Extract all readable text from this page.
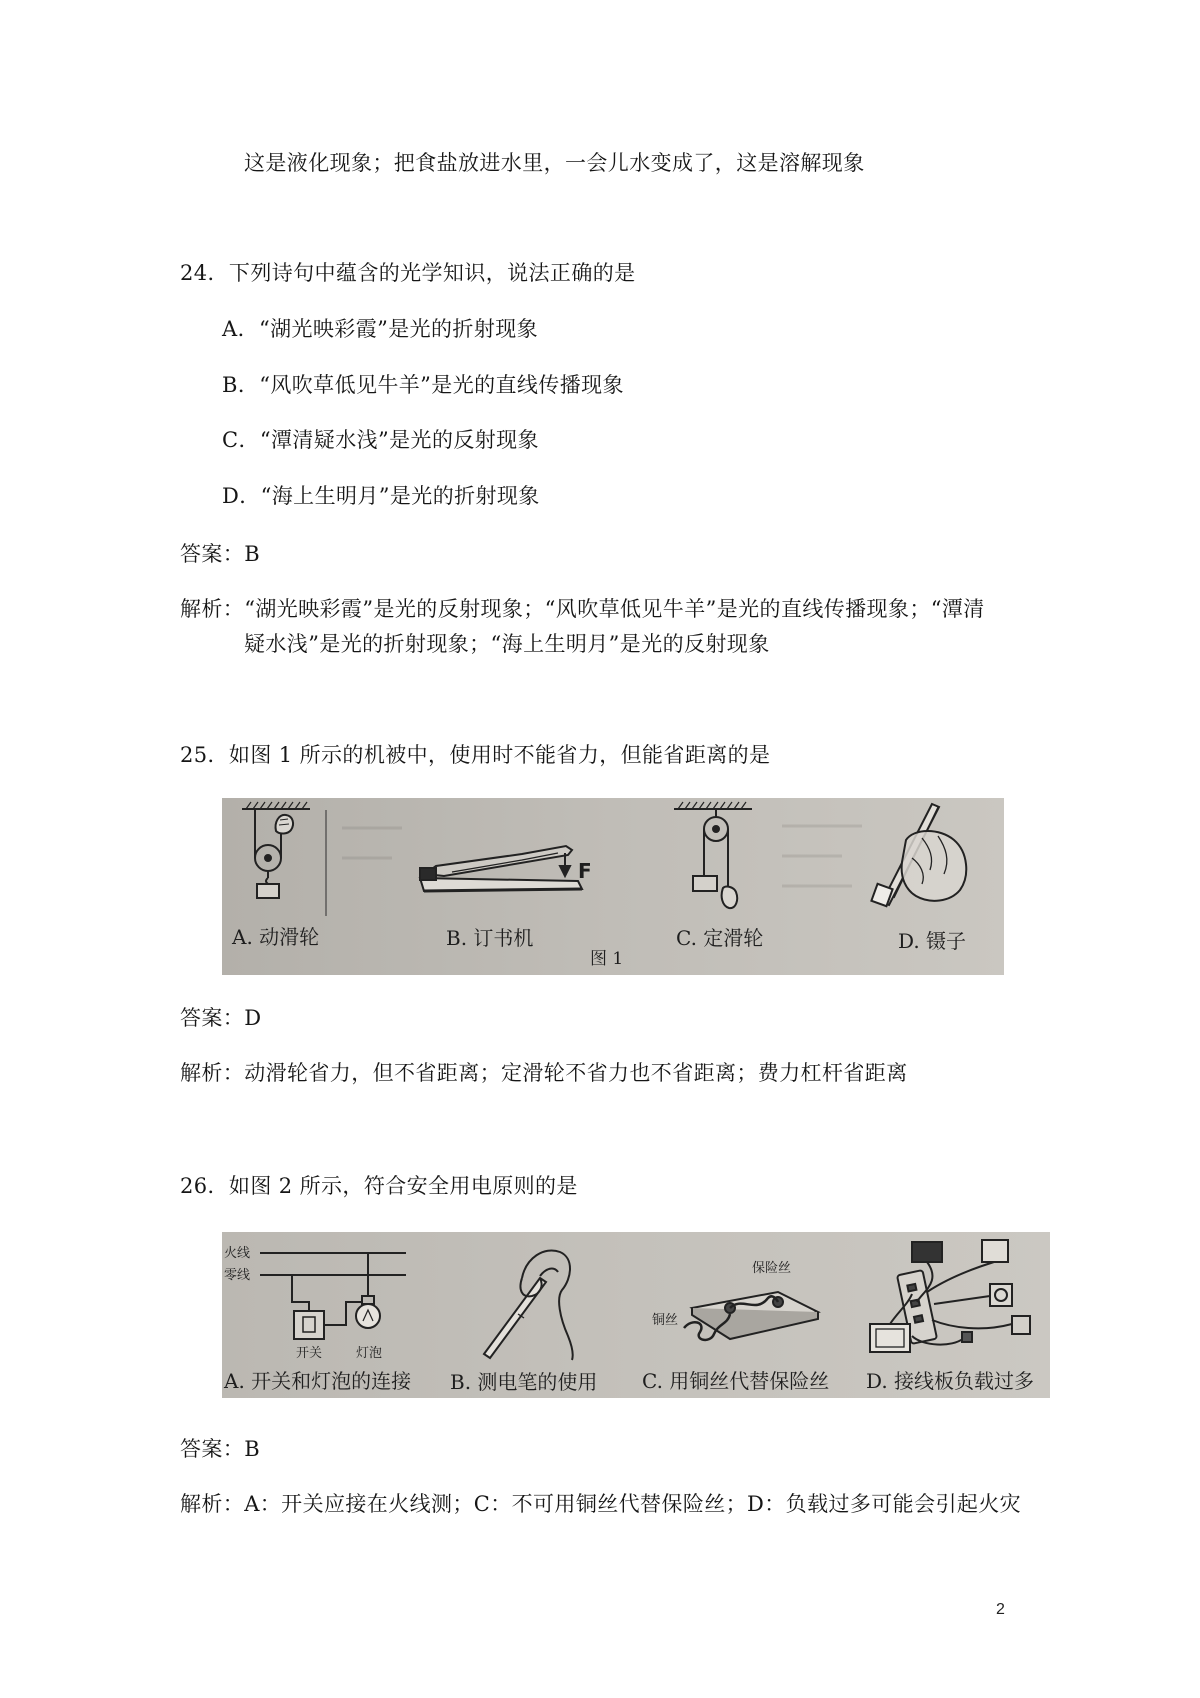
这是液化现象；把食盐放进水里，一会儿水变成了，这是溶解现象
24．下列诗句中蕴含的光学知识，说法正确的是
A．“湖光映彩霞”是光的折射现象
B．“风吹草低见牛羊”是光的直线传播现象
C．“潭清疑水浅”是光的反射现象
D．“海上生明月”是光的折射现象
答案：B
解析：“湖光映彩霞”是光的反射现象；“风吹草低见牛羊”是光的直线传播现象；“潭清
疑水浅”是光的折射现象；“海上生明月”是光的反射现象
25．如图 1 所示的机被中，使用时不能省力，但能省距离的是
A. 动滑轮
F
B. 订书机
图 1
C. 定滑轮	D. 镊子
答案：D
解析：动滑轮省力，但不省距离；定滑轮不省力也不省距离；费力杠杆省距离
26．如图 2 所示，符合安全用电原则的是
火线
零线
开关	灯泡
A. 开关和灯泡的连接 B. 测电笔的使用
保险丝
铜丝
C. 用铜丝代替保险丝 D. 接线板负载过多
答案：B
解析：A：开关应接在火线测；C：不可用铜丝代替保险丝；D：负载过多可能会引起火灾
2
